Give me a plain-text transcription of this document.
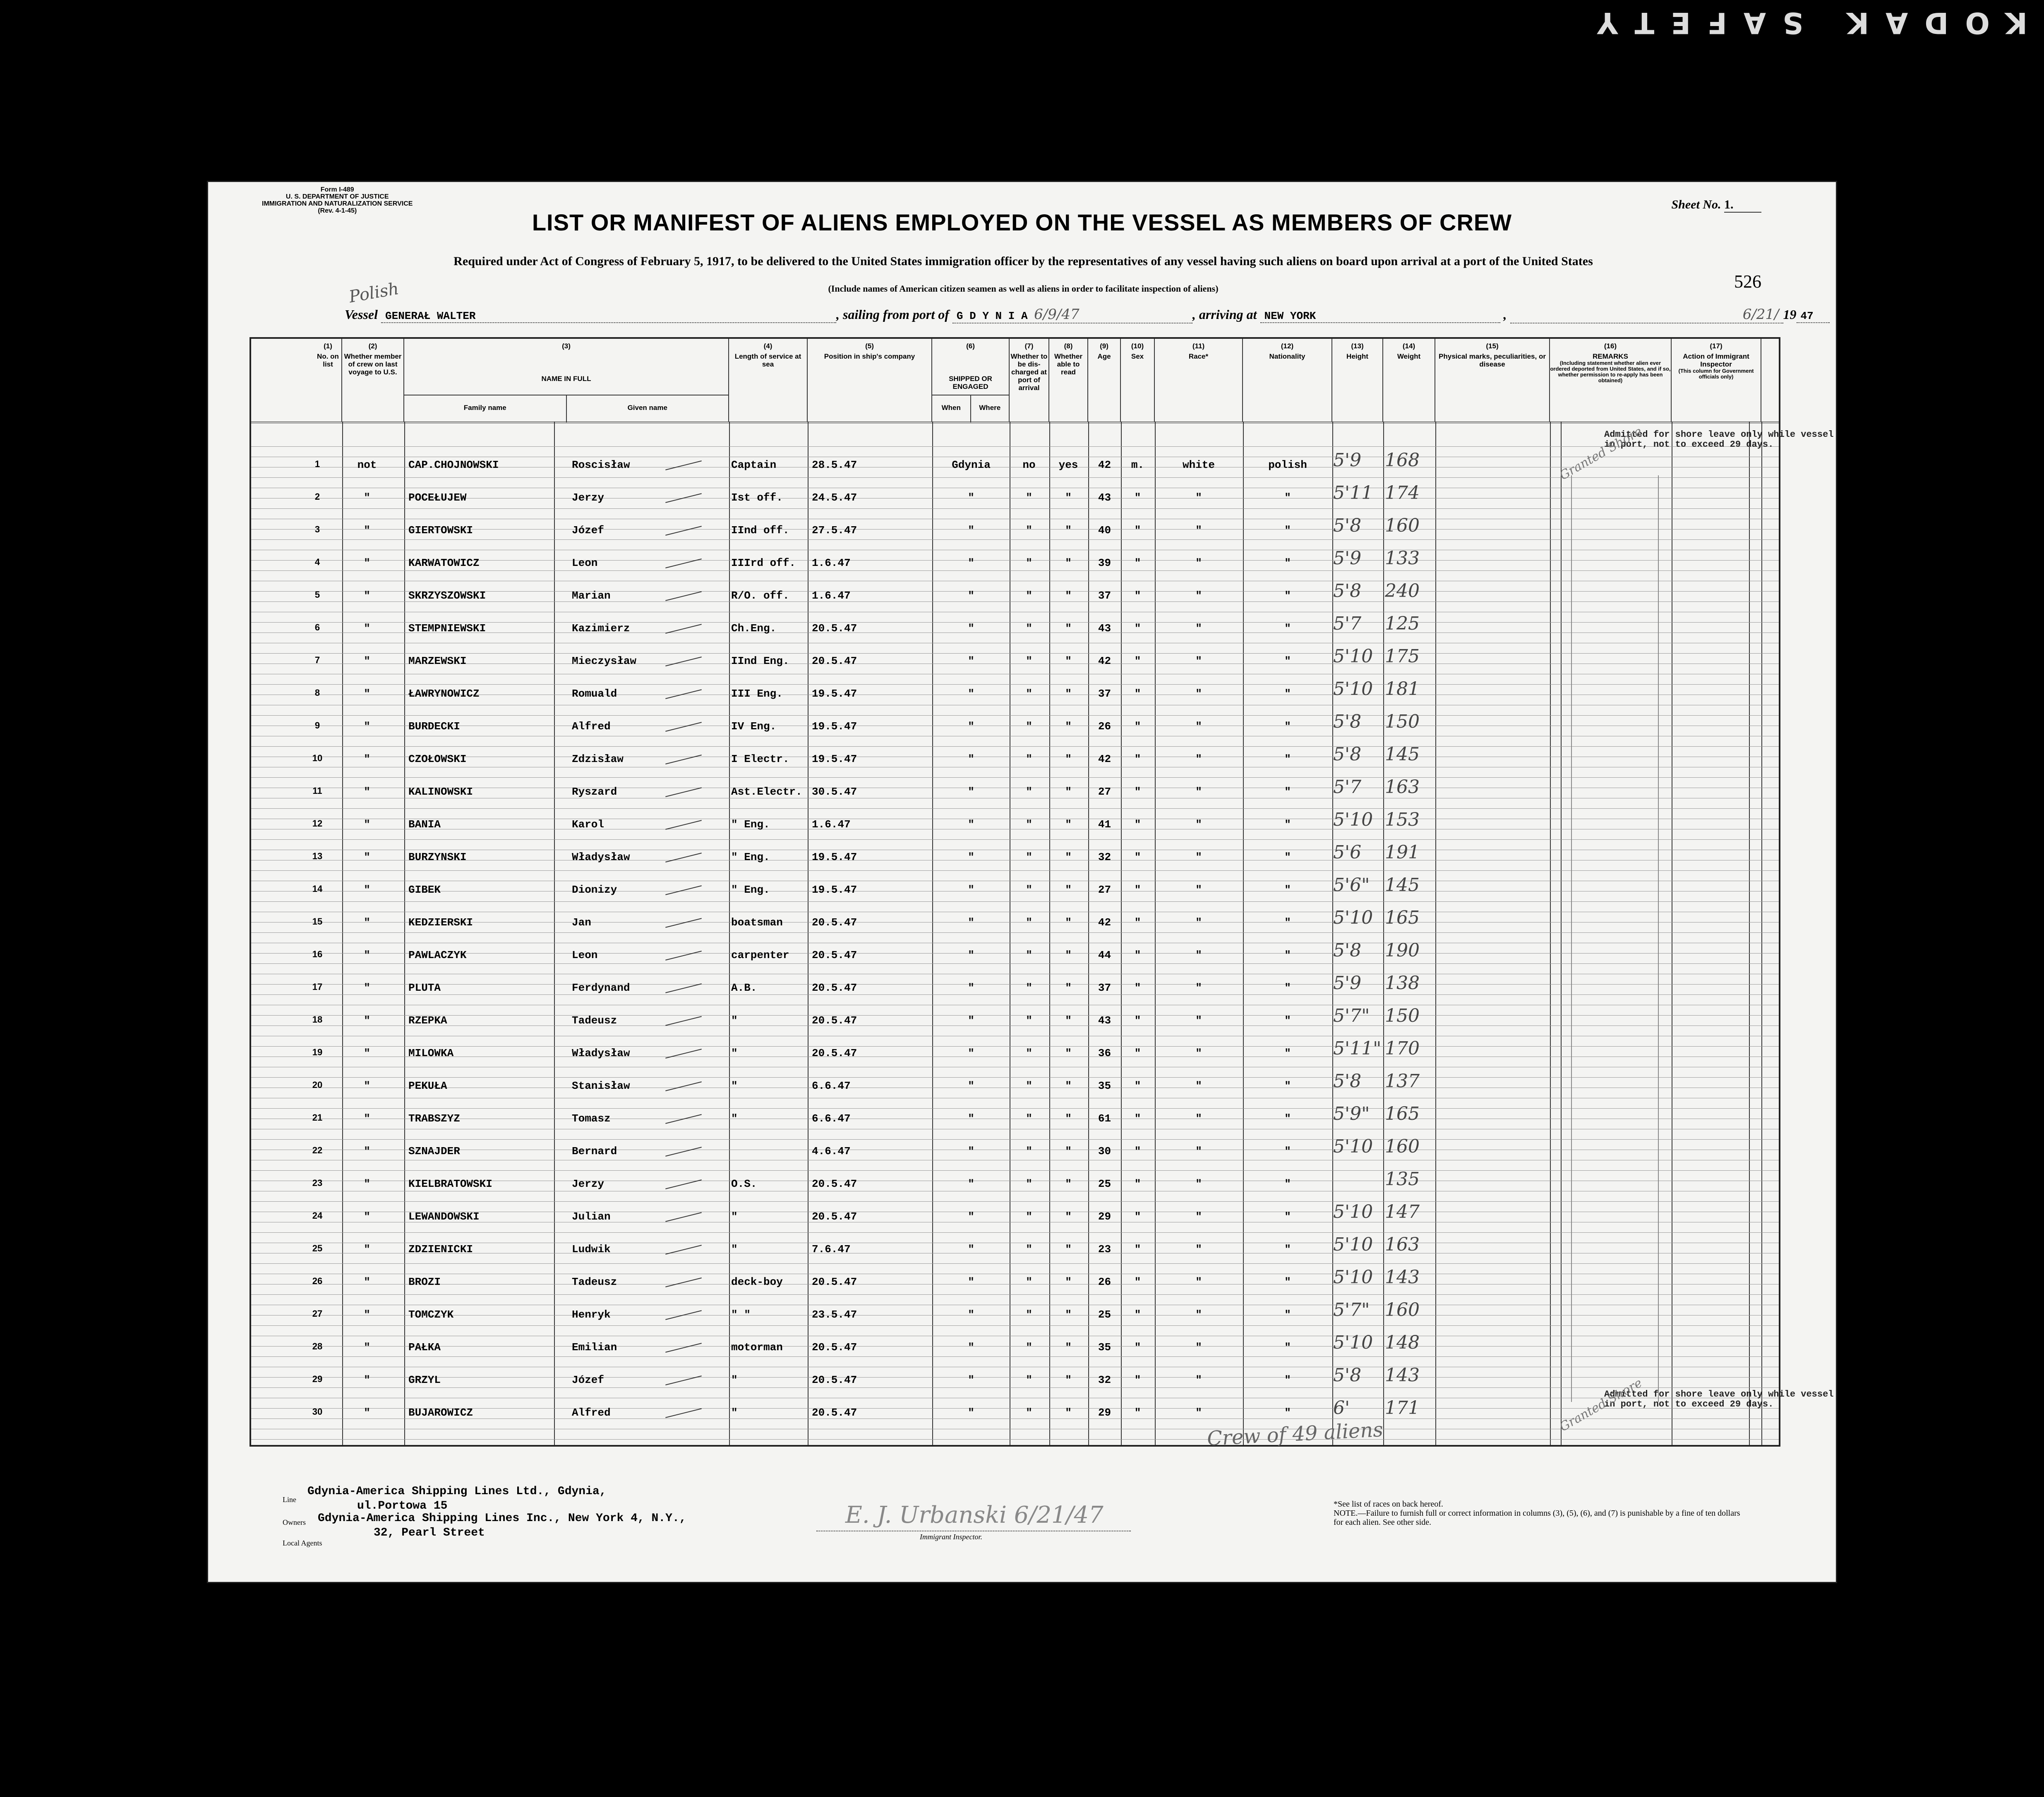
KODAK SAFETY
Form I-489
U. S. DEPARTMENT OF JUSTICE
IMMIGRATION AND NATURALIZATION SERVICE
(Rev. 4-1-45)	LIST OR MANIFEST OF ALIENS EMPLOYED ON THE VESSEL AS MEMBERS OF CREW
Sheet No. 1.
Required under Act of Congress of February 5, 1917, to be delivered to the United States immigration officer by the representatives of any vessel having such aliens on board upon arrival at a port of the United States
(Include names of American citizen seamen as well as aliens in order to facilitate inspection of aliens)	526
Polish
Vessel GENERAŁ WALTER	, sailing from port of G D Y N I A 6/9/47	, arriving at NEW YORK	,	6/21/ 19 47
(1)
No. on list
(2)
Whether member of crew on last voyage to U.S.
(3)
NAME IN FULL
Family name	Given name
(4)
Length of service at sea
(5)
Position in ship's company
(6)
SHIPPED OR ENGAGED
When	Where
(7)
Whether to be dis-charged at port of arrival
(8)
Whether able to read
(9)
Age
(10)
Sex
(11)
Race*
(12)
Nationality
(13)
Height
(14)
Weight
(15)
Physical marks, peculiarities, or disease
(16)
REMARKS
(Including statement whether alien ever ordered deported from United States, and if so, whether permission to re-apply has been obtained)
(17)
Action of Immigrant Inspector
(This column for Government officials only)
1	not	CAP.CHOJNOWSKI	Roscisław	Captain	28.5.47	Gdynia	no	yes	42	m.	white	polish	5'9 168
2	"	POCEŁUJEW	Jerzy	Ist off.	24.5.47	"	"	"	43	"	"	"	5'11 174
3	"	GIERTOWSKI	Józef	IInd off. 27.5.47	"	"	"	40	"	"	"	5'8 160
4	"	KARWATOWICZ	Leon	IIIrd off. 1.6.47	"	"	"	39	"	"	"	5'9 133
5	"	SKRZYSZOWSKI	Marian	R/O. off. 1.6.47	"	"	"	37	"	"	"	5'8 240
6	"	STEMPNIEWSKI	Kazimierz	Ch.Eng.	20.5.47	"	"	"	43	"	"	"	5'7 125
7	"	MARZEWSKI	Mieczysław	IInd Eng. 20.5.47	"	"	"	42	"	"	"	5'10 175
8	"	ŁAWRYNOWICZ	Romuald	III Eng.	19.5.47	"	"	"	37	"	"	"	5'10 181
9	"	BURDECKI	Alfred	IV Eng.	19.5.47	"	"	"	26	"	"	"	5'8 150
10	"	CZOŁOWSKI	Zdzisław	I Electr. 19.5.47	"	"	"	42	"	"	"	5'8 145
11	"	KALINOWSKI	Ryszard	Ast.Electr. 30.5.47	"	"	"	27	"	"	"	5'7 163
12	"	BANIA	Karol	" Eng.	1.6.47	"	"	"	41	"	"	"	5'10 153
13	"	BURZYNSKI	Władysław	" Eng.	19.5.47	"	"	"	32	"	"	"	5'6 191
14	"	GIBEK	Dionizy	" Eng.	19.5.47	"	"	"	27	"	"	"	5'6" 145
15	"	KEDZIERSKI	Jan	boatsman	20.5.47	"	"	"	42	"	"	"	5'10 165
16	"	PAWLACZYK	Leon	carpenter 20.5.47	"	"	"	44	"	"	"	5'8 190
17	"	PLUTA	Ferdynand	A.B.	20.5.47	"	"	"	37	"	"	"	5'9 138
18	"	RZEPKA	Tadeusz	"	20.5.47	"	"	"	43	"	"	"	5'7" 150
19	"	MILOWKA	Władysław	"	20.5.47	"	"	"	36	"	"	"	5'11" 170
20	"	PEKUŁA	Stanisław	"	6.6.47	"	"	"	35	"	"	"	5'8 137
21	"	TRABSZYZ	Tomasz	"	6.6.47	"	"	"	61	"	"	"	5'9" 165
22	"	SZNAJDER	Bernard	4.6.47	"	"	"	30	"	"	"	5'10 160
23	"	KIELBRATOWSKI	Jerzy	O.S.	20.5.47	"	"	"	25	"	"	"	135
24	"	LEWANDOWSKI	Julian	"	20.5.47	"	"	"	29	"	"	"	5'10 147
25	"	ZDZIENICKI	Ludwik	"	7.6.47	"	"	"	23	"	"	"	5'10 163
26	"	BROZI	Tadeusz	deck-boy	20.5.47	"	"	"	26	"	"	"	5'10 143
27	"	TOMCZYK	Henryk	" "	23.5.47	"	"	"	25	"	"	"	5'7" 160
28	"	PAŁKA	Emilian	motorman	20.5.47	"	"	"	35	"	"	"	5'10 148
29	"	GRZYL	Józef	"	20.5.47	"	"	"	32	"	"	"	5'8 143
30	"	BUJAROWICZ	Alfred	"	20.5.47	"	"	"	29	"	"	"	6' 171
Admitted for shore leave only while vessel in port, not to exceed 29 days.
Admitted for shore leave only while vessel in port, not to exceed 29 days.
Granted Shore
Granted Shore
Crew of 49 aliens
Line
Gdynia-America Shipping Lines Ltd., Gdynia,
ul.Portowa 15
Owners Gdynia-America Shipping Lines Inc., New York 4, N.Y.,
32, Pearl Street
Local Agents
E. J. Urbanski 6/21/47
Immigrant Inspector.
*See list of races on back hereof.
NOTE.—Failure to furnish full or correct information in columns (3), (5), (6), and (7) is punishable by a fine of ten dollars for each alien. See other side.
